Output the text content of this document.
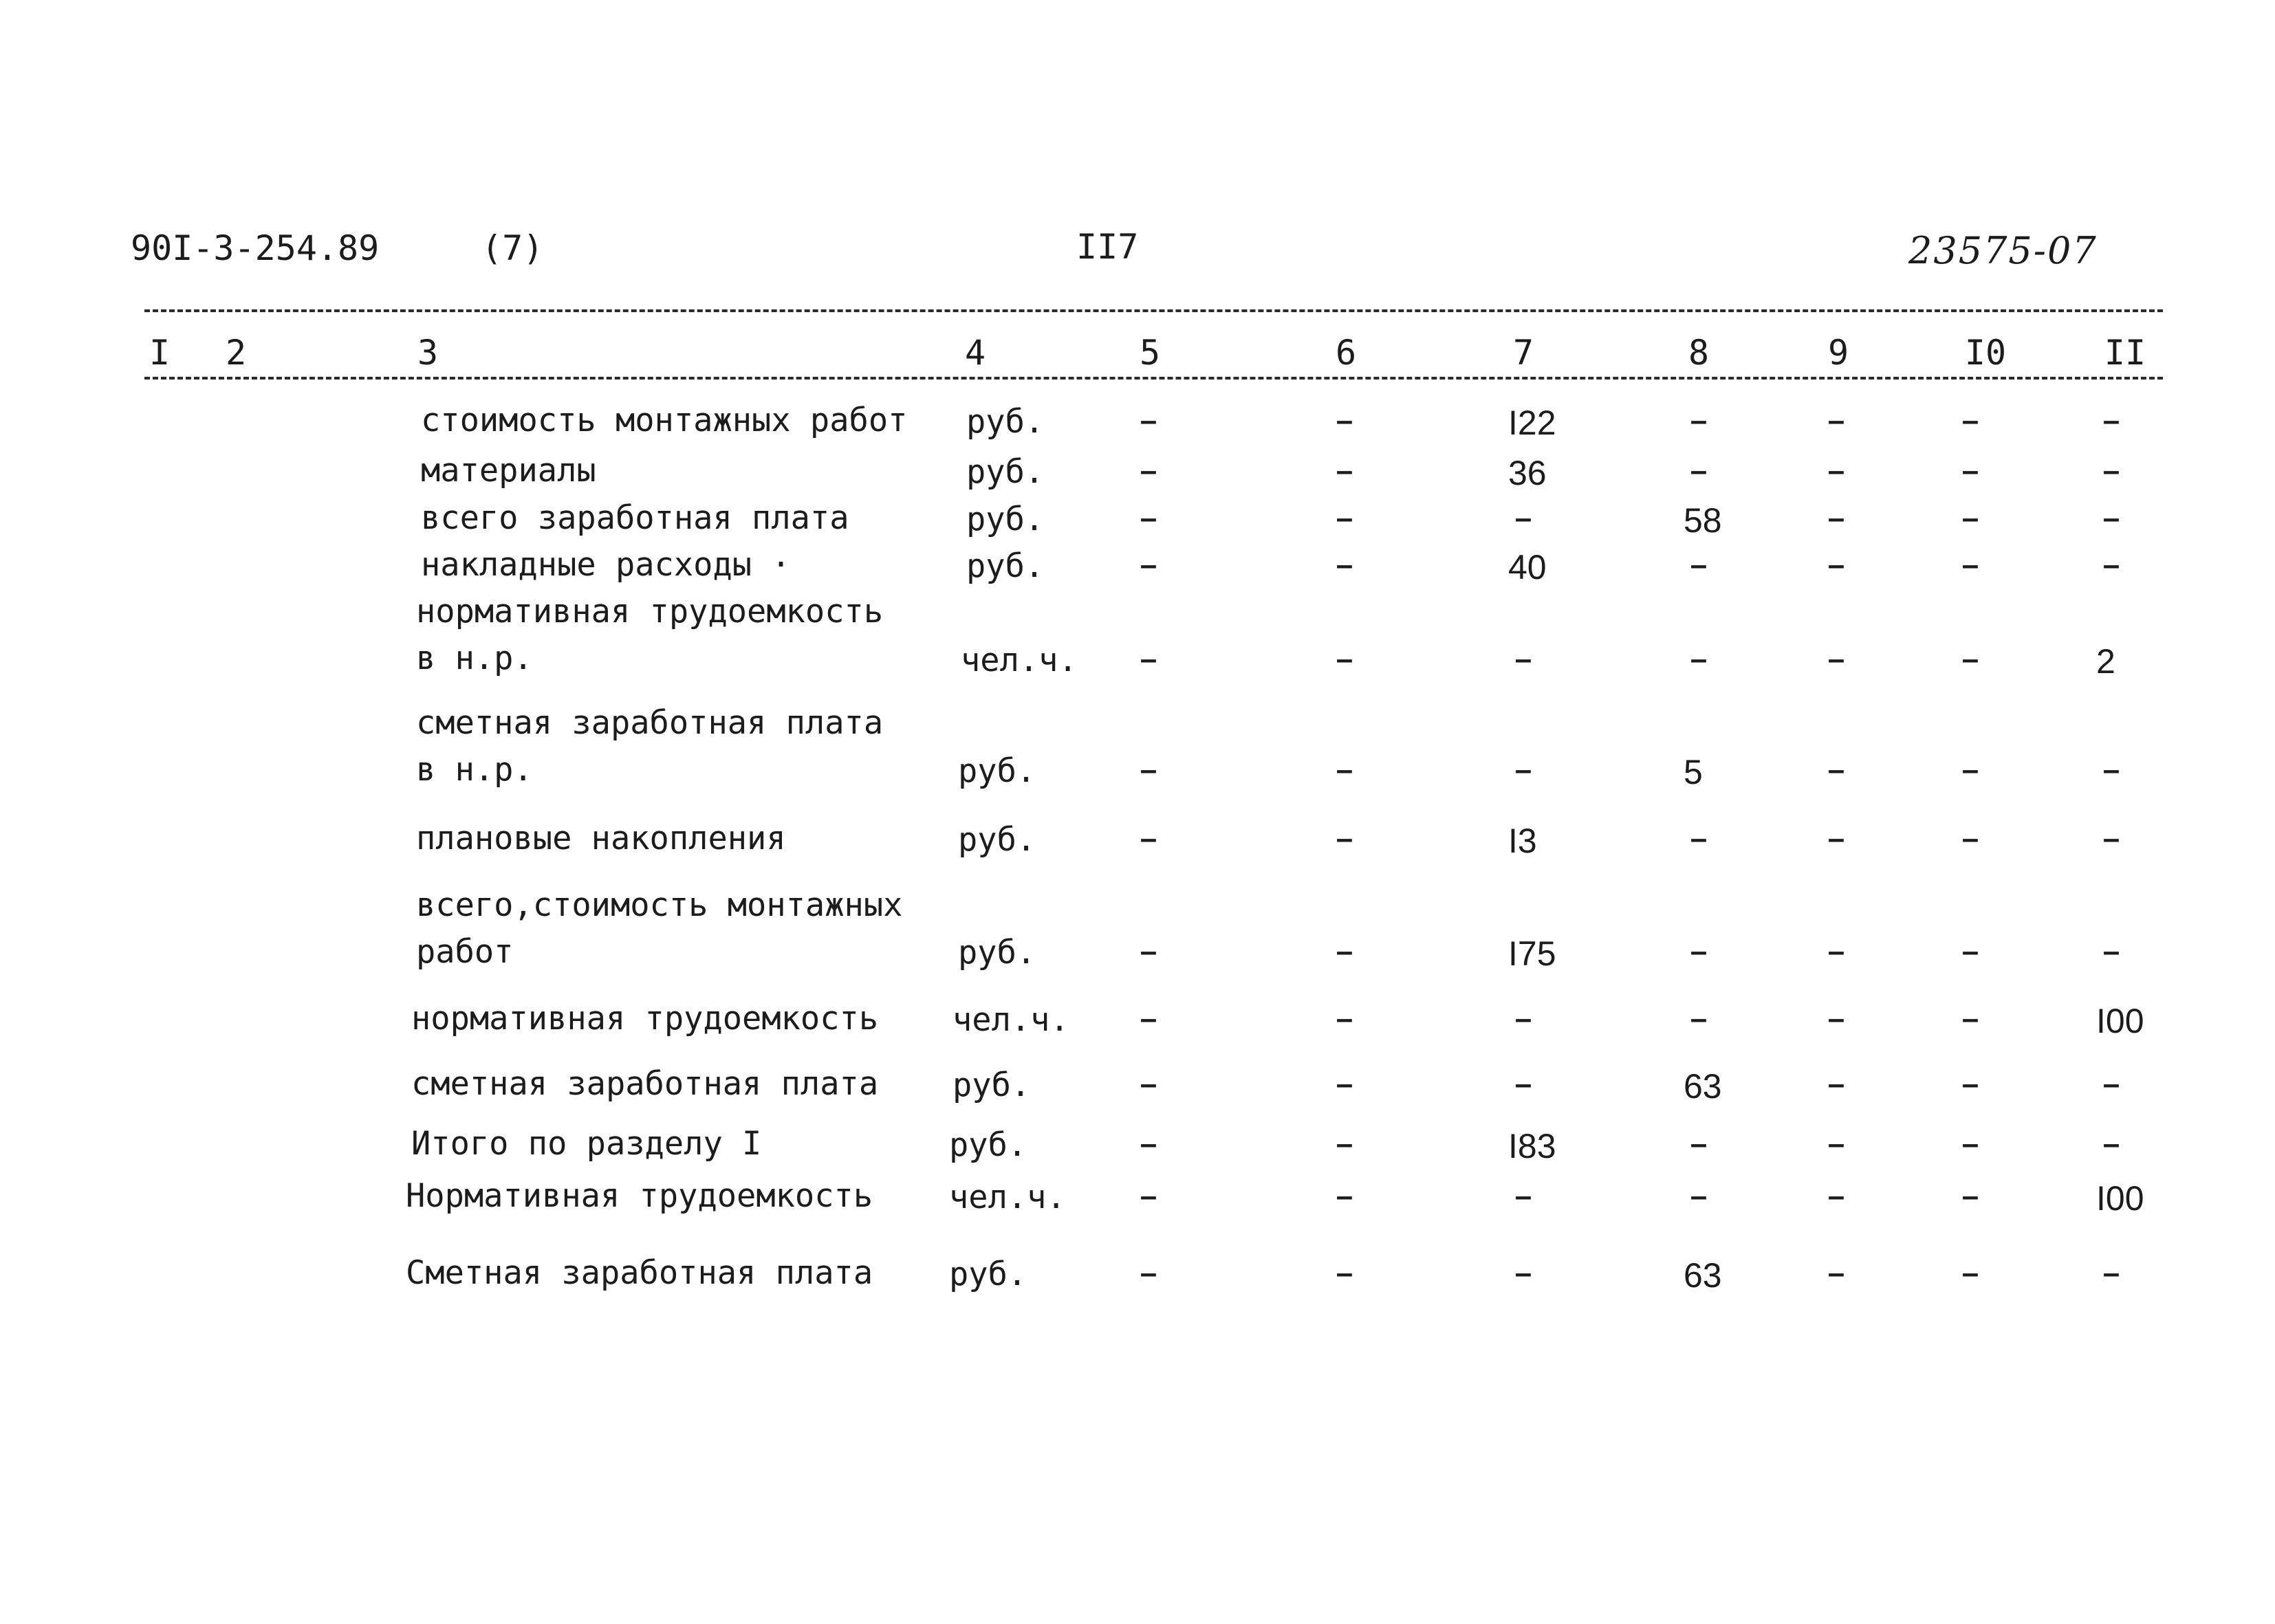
90I-3-254.89	(7)	II7	23575-07
I 2	3	4	5	6	7	8	9	I0	II
стоимость монтажных работ руб.	–	–	I22	–	–	–	–
материалы	руб.	–	–	36	–	–	–	–
всего заработная плата	руб.	–	–	–	58	–	–	–
накладные расходы ·	руб.	–	–	40	–	–	–	–
нормативная трудоемкость
в н.р.	чел.ч. –	–	–	–	–	–	2
сметная заработная плата
в н.р.	руб.	–	–	–	5	–	–	–
плановые накопления	руб.	–	–	I3	–	–	–	–
всего,стоимость монтажных
работ	руб.	–	–	I75	–	–	–	–
нормативная трудоемкость чел.ч. –	–	–	–	–	–	I00
сметная заработная плата руб.	–	–	–	63	–	–	–
Итого по разделу I	руб.	–	–	I83	–	–	–	–
Нормативная трудоемкость чел.ч. –	–	–	–	–	–	I00
Сметная заработная плата руб.	–	–	–	63	–	–	–
